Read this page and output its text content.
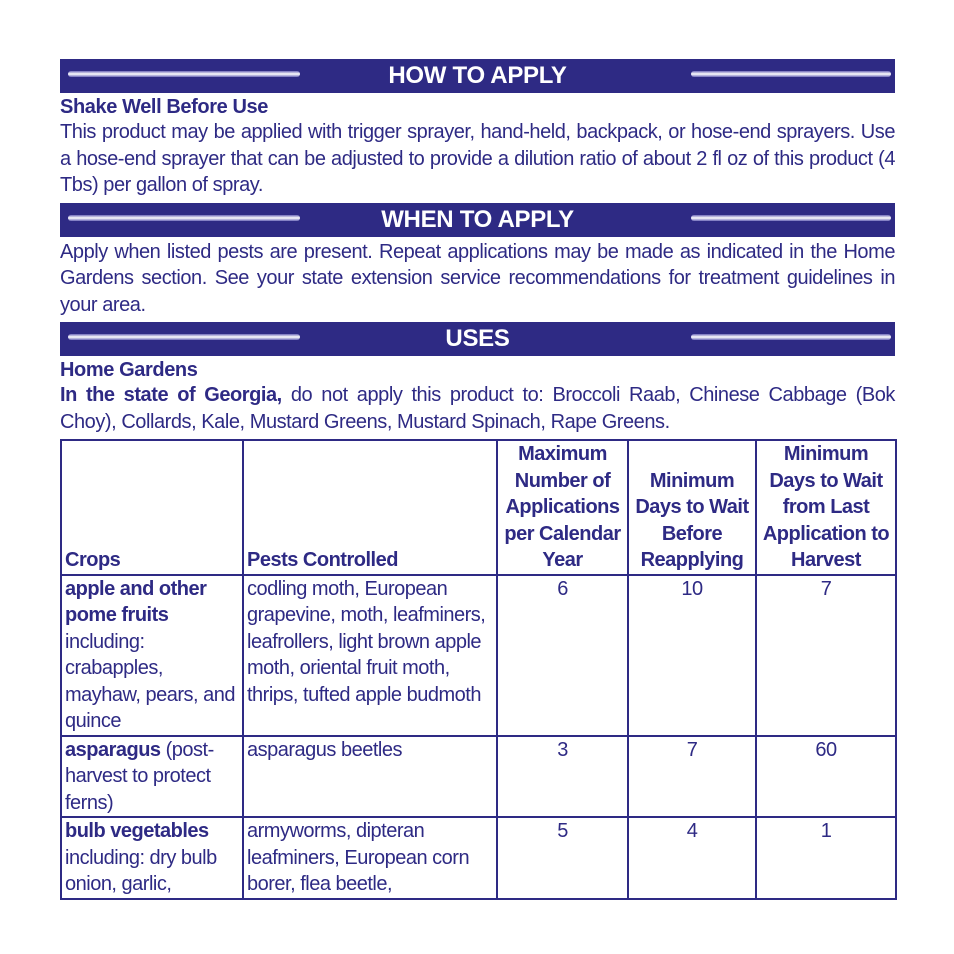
HOW TO APPLY
Shake Well Before Use
This product may be applied with trigger sprayer, hand-held, backpack, or hose-end sprayers. Use a hose-end sprayer that can be adjusted to provide a dilution ratio of about 2 fl oz of this product (4 Tbs) per gallon of spray.
WHEN TO APPLY
Apply when listed pests are present. Repeat applications may be made as indicated in the Home Gardens section. See your state extension service recommendations for treatment guidelines in your area.
USES
Home Gardens
In the state of Georgia, do not apply this product to: Broccoli Raab, Chinese Cabbage (Bok Choy), Collards, Kale, Mustard Greens, Mustard Spinach, Rape Greens.
Crops	Pests Controlled	Maximum Number of Applications per Calendar Year	Minimum Days to Wait Before Reapplying	Minimum Days to Wait from Last Application to Harvest
apple and other pome fruits including: crabapples, mayhaw, pears, and quince	codling moth, European grapevine, moth, leafminers, leafrollers, light brown apple moth, oriental fruit moth, thrips, tufted apple budmoth	6	10	7
asparagus (post-harvest to protect ferns)	asparagus beetles	3	7	60
bulb vegetables including: dry bulb onion, garlic,	armyworms, dipteran leafminers, European corn borer, flea beetle,	5	4	1
